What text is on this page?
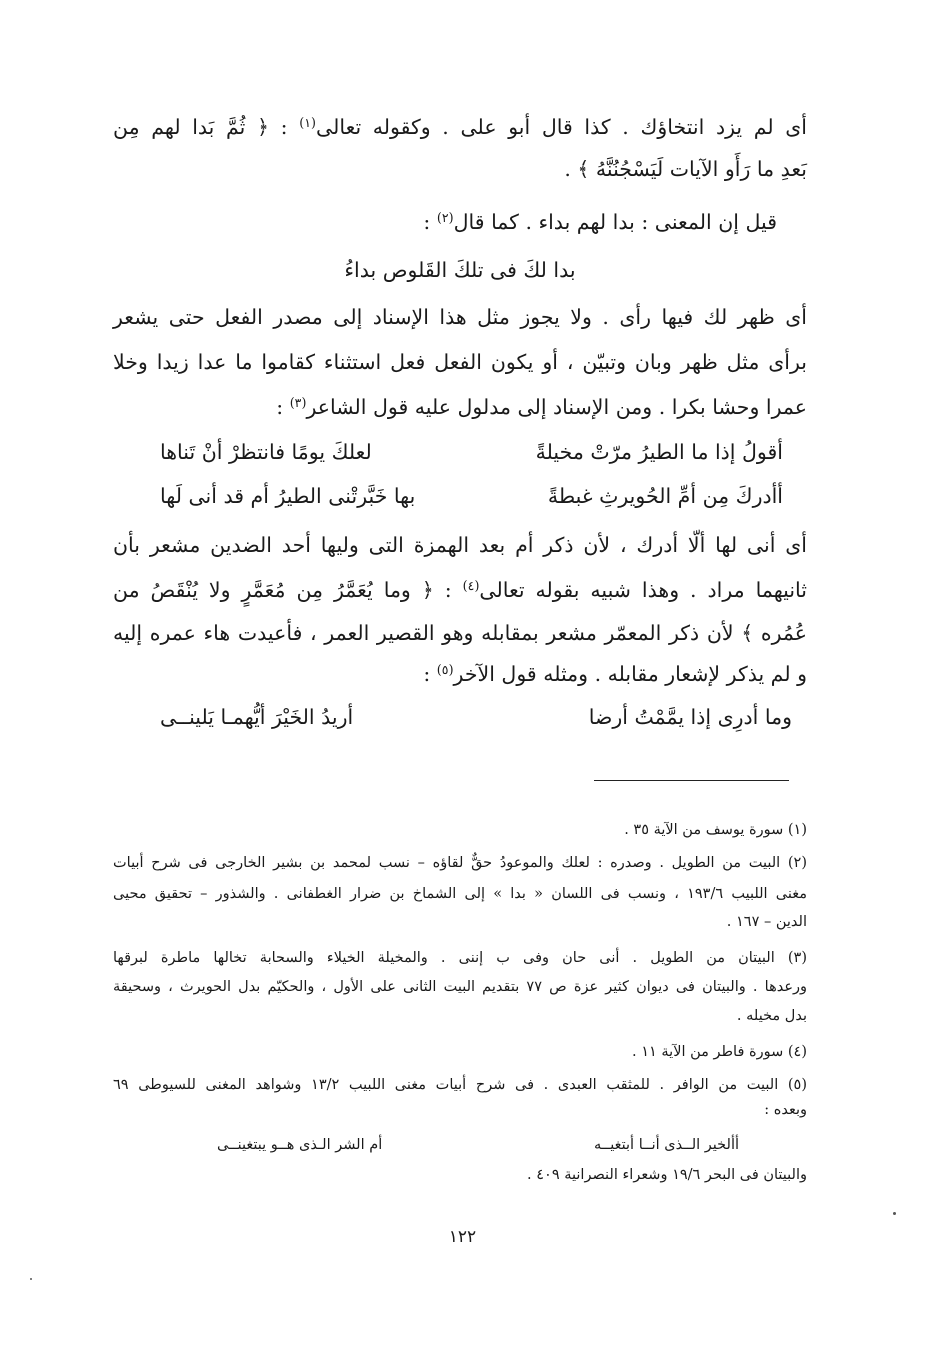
أى لم يزد انتخاؤك . كذا قال أبو على . وكقوله تعالى$^{(١)}$ : ﴿ ثُمَّ بَدا لهم مِن

بَعدِ ما رَأَو الآيات لَيَسْجُنُنَّهُ ﴾ .

قيل إن المعنى : بدا لهم بداء . كما قال$^{(٢)}$ :

بدا لكَ فى تلكَ القَلوص بداءُ

أى ظهر لك فيها رأى . ولا يجوز مثل هذا الإسناد إلى مصدر الفعل حتى يشعر

برأى مثل ظهر وبان وتبيّن ، أو يكون الفعل فعل استثناء كقاموا ما عدا زيدا وخلا

عمرا وحشا بكرا . ومن الإسناد إلى مدلول عليه قول الشاعر$^{(٣)}$ :

أقولُ إذا ما الطيرُ مرّتْ مخيلةً
لعلكَ يومًا فانتظرْ أنْ تَناها
أأدركَ مِن أمِّ الحُويرثِ غبطةً
بها خَبَّرتْنى الطيرُ أم قد أنى لَها

أى أنى لها ألّا أدرك ، لأن ذكر أم بعد الهمزة التى وليها أحد الضدين مشعر بأن

ثانيهما مراد . وهذا شبيه بقوله تعالى$^{(٤)}$ : ﴿ وما يُعَمَّرُ مِن مُعَمَّرٍ ولا يُنْقَصُ من

عُمُره ﴾ لأن ذكر المعمّر مشعر بمقابله وهو القصير العمر ، فأعيدت هاء عمره إليه

و لم يذكر لإشعار مقابله . ومثله قول الآخر$^{(٥)}$ :

وما أدرِى إذا يمَّمْتُ أرضا
أريدُ الخَيْرَ أيُّهمـا يَلينــى

(١) سورة يوسف من الآية ٣٥ .

(٢) البيت من الطويل . وصدره : لعلك والموعودُ حقٌّ لقاؤه – نسب لمحمد بن بشير الخارجى فى شرح أبيات

مغنى اللبيب ١٩٣/٦ ، ونسب فى اللسان « بدا » إلى الشماخ بن ضرار الغطفانى . والشذور – تحقيق محيى

الدين – ١٦٧ .

(٣) البيتان من الطويل . أنى حان وفى ب إننى . والمخيلة الخيلاء والسحابة تخالها ماطرة لبرقها

ورعدها . والبيتان فى ديوان كثير عزة ص ٧٧ بتقديم البيت الثانى على الأول ، والحكيّم بدل الحويرث ، وسحيقة

بدل مخيله .

(٤) سورة فاطر من الآية ١١ .

(٥) البيت من الوافر . للمثقب العبدى . فى شرح أبيات مغنى اللبيب ١٣/٢ وشواهد المغنى للسيوطى ٦٩

وبعده :

أألخير الــذى أنــا أبتغيــه
أم الشر الـذى هــو يبتغينــى

والبيتان فى البحر ١٩/٦ وشعراء النصرانية ٤٠٩ .

١٢٢
